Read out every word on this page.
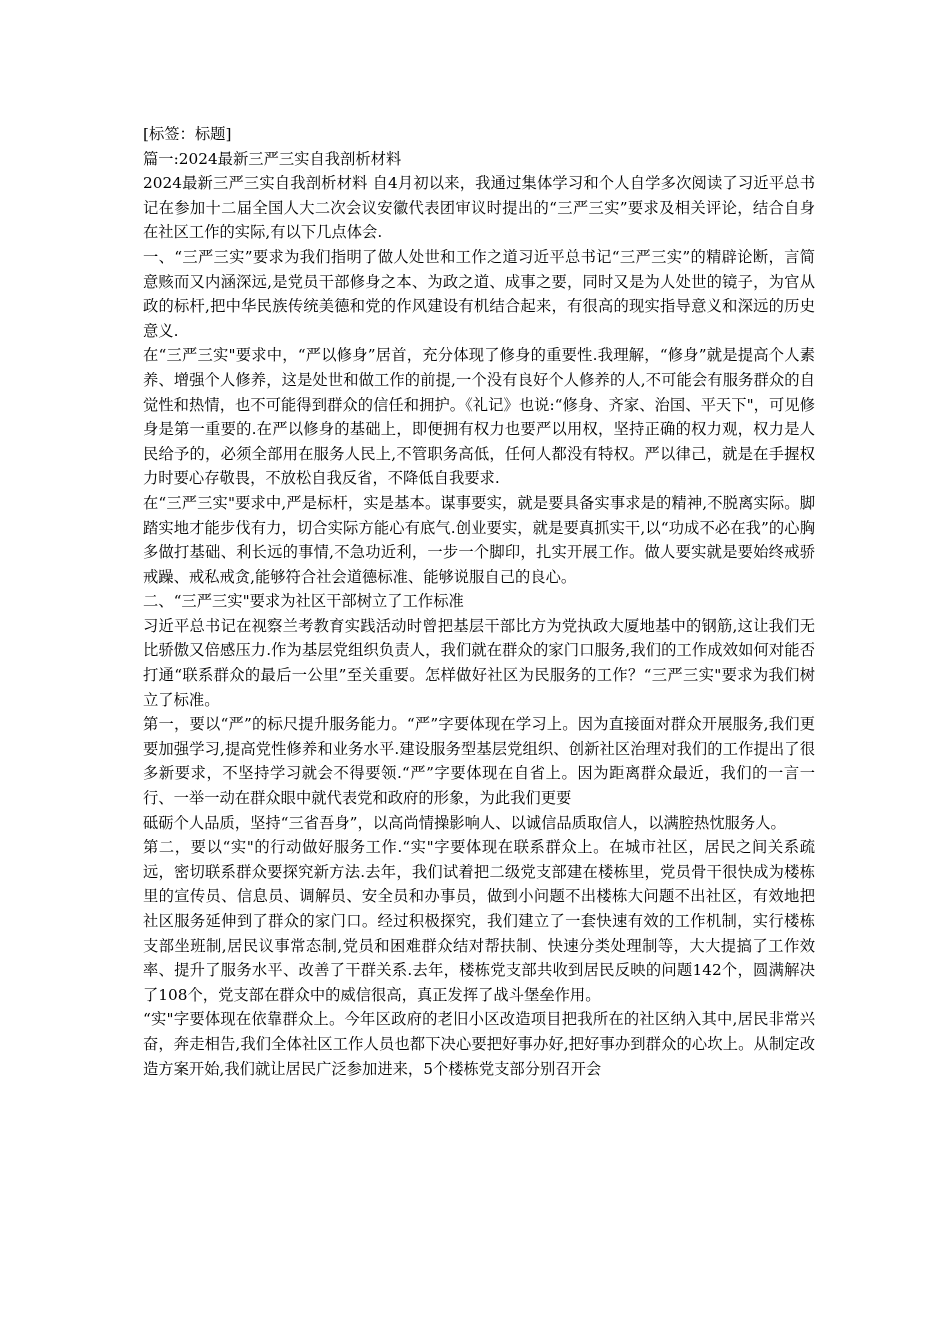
[标签：标题]

篇一:2024最新三严三实自我剖析材料

2024最新三严三实自我剖析材料 自4月初以来，我通过集体学习和个人自学多次阅读了习近平总书记在参加十二届全国人大二次会议安徽代表团审议时提出的“三严三实”要求及相关评论，结合自身在社区工作的实际,有以下几点体会.

一、“三严三实”要求为我们指明了做人处世和工作之道习近平总书记“三严三实”的精辟论断，言简意赅而又内涵深远,是党员干部修身之本、为政之道、成事之要，同时又是为人处世的镜子，为官从政的标杆,把中华民族传统美德和党的作风建设有机结合起来，有很高的现实指导意义和深远的历史意义.

在“三严三实"要求中，“严以修身”居首，充分体现了修身的重要性.我理解，“修身”就是提高个人素养、增强个人修养，这是处世和做工作的前提,一个没有良好个人修养的人,不可能会有服务群众的自觉性和热情，也不可能得到群众的信任和拥护。《礼记》也说:“修身、齐家、治国、平天下"，可见修身是第一重要的.在严以修身的基础上，即便拥有权力也要严以用权，坚持正确的权力观，权力是人民给予的，必须全部用在服务人民上,不管职务高低，任何人都没有特权。严以律己，就是在手握权力时要心存敬畏，不放松自我反省，不降低自我要求.

在“三严三实"要求中,严是标杆，实是基本。谋事要实，就是要具备实事求是的精神,不脱离实际。脚踏实地才能步伐有力，切合实际方能心有底气.创业要实，就是要真抓实干,以“功成不必在我”的心胸多做打基础、利长远的事情,不急功近利，一步一个脚印，扎实开展工作。做人要实就是要始终戒骄戒躁、戒私戒贪,能够符合社会道德标准、能够说服自己的良心。

二、“三严三实"要求为社区干部树立了工作标准

习近平总书记在视察兰考教育实践活动时曾把基层干部比方为党执政大厦地基中的钢筋,这让我们无比骄傲又倍感压力.作为基层党组织负责人，我们就在群众的家门口服务,我们的工作成效如何对能否打通“联系群众的最后一公里”至关重要。怎样做好社区为民服务的工作？“三严三实"要求为我们树立了标准。

第一，要以“严”的标尺提升服务能力。“严”字要体现在学习上。因为直接面对群众开展服务,我们更要加强学习,提高党性修养和业务水平.建设服务型基层党组织、创新社区治理对我们的工作提出了很多新要求，不坚持学习就会不得要领.“严”字要体现在自省上。因为距离群众最近，我们的一言一行、一举一动在群众眼中就代表党和政府的形象，为此我们更要

砥砺个人品质，坚持“三省吾身”，以高尚情操影响人、以诚信品质取信人，以满腔热忱服务人。

第二，要以“实"的行动做好服务工作.“实"字要体现在联系群众上。在城市社区，居民之间关系疏远，密切联系群众要探究新方法.去年，我们试着把二级党支部建在楼栋里，党员骨干很快成为楼栋里的宣传员、信息员、调解员、安全员和办事员，做到小问题不出楼栋大问题不出社区，有效地把社区服务延伸到了群众的家门口。经过积极探究，我们建立了一套快速有效的工作机制，实行楼栋支部坐班制,居民议事常态制,党员和困难群众结对帮扶制、快速分类处理制等，大大提搞了工作效率、提升了服务水平、改善了干群关系.去年，楼栋党支部共收到居民反映的问题142个，圆满解决了108个，党支部在群众中的威信很高，真正发挥了战斗堡垒作用。

“实"字要体现在依靠群众上。今年区政府的老旧小区改造项目把我所在的社区纳入其中,居民非常兴奋，奔走相告,我们全体社区工作人员也都下决心要把好事办好,把好事办到群众的心坎上。从制定改造方案开始,我们就让居民广泛参加进来，5个楼栋党支部分别召开会
